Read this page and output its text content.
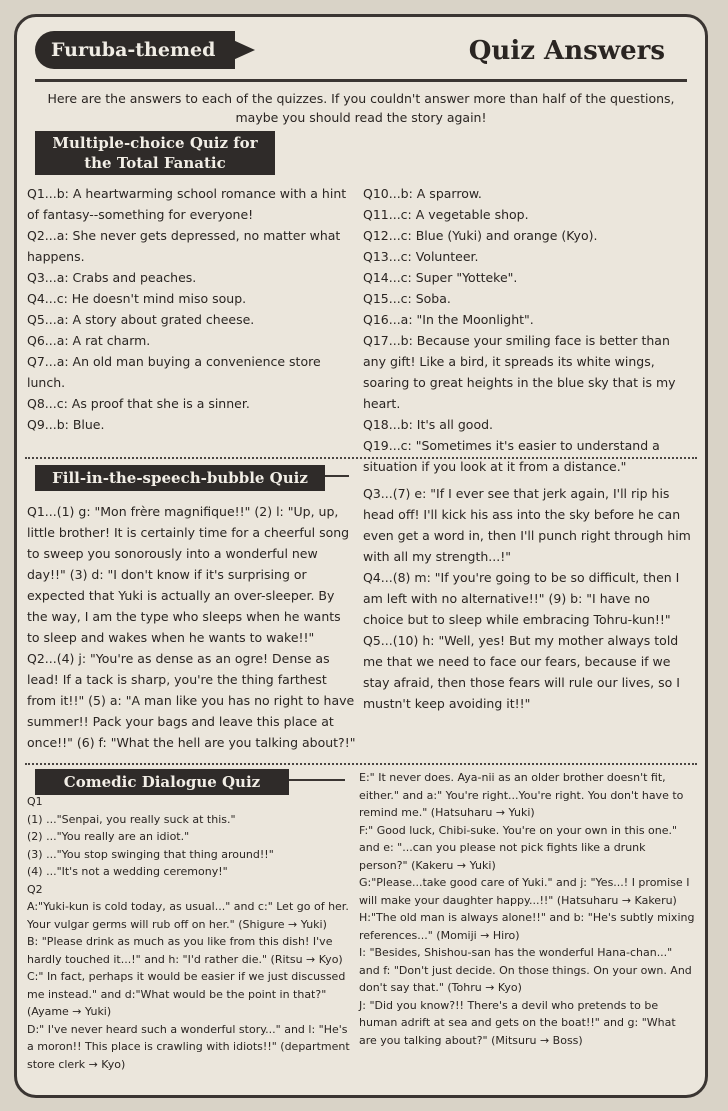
Furuba-themed	Quiz Answers
Here are the answers to each of the quizzes. If you couldn't answer more than half of the questions, maybe you should read the story again!
Multiple-choice Quiz for
the Total Fanatic

Q1...b: A heartwarming school romance with a hint of fantasy--something for everyone!

Q2...a: She never gets depressed, no matter what happens.

Q3...a: Crabs and peaches.

Q4...c: He doesn't mind miso soup.

Q5...a: A story about grated cheese.

Q6...a: A rat charm.

Q7...a: An old man buying a convenience store lunch.

Q8...c: As proof that she is a sinner.

Q9...b: Blue.

Q10...b: A sparrow.

Q11...c: A vegetable shop.

Q12...c: Blue (Yuki) and orange (Kyo).

Q13...c: Volunteer.

Q14...c: Super "Yotteke".

Q15...c: Soba.

Q16...a: "In the Moonlight".

Q17...b: Because your smiling face is better than any gift! Like a bird, it spreads its white wings, soaring to great heights in the blue sky that is my heart.

Q18...b: It's all good.

Q19...c: "Sometimes it's easier to understand a situation if you look at it from a distance."

Fill-in-the-speech-bubble Quiz

Q1...(1) g: "Mon frère magnifique!!" (2) l: "Up, up, little brother! It is certainly time for a cheerful song to sweep you sonorously into a wonderful new day!!" (3) d: "I don't know if it's surprising or expected that Yuki is actually an over-sleeper. By the way, I am the type who sleeps when he wants to sleep and wakes when he wants to wake!!"

Q2...(4) j: "You're as dense as an ogre! Dense as lead! If a tack is sharp, you're the thing farthest from it!!" (5) a: "A man like you has no right to have summer!! Pack your bags and leave this place at once!!" (6) f: "What the hell are you talking about?!"

Q3...(7) e: "If I ever see that jerk again, I'll rip his head off! I'll kick his ass into the sky before he can even get a word in, then I'll punch right through him with all my strength...!"

Q4...(8) m: "If you're going to be so difficult, then I am left with no alternative!!" (9) b: "I have no choice but to sleep while embracing Tohru-kun!!"

Q5...(10) h: "Well, yes! But my mother always told me that we need to face our fears, because if we stay afraid, then those fears will rule our lives, so I mustn't keep avoiding it!!"

Comedic Dialogue Quiz

Q1

(1) ..."Senpai, you really suck at this."

(2) ..."You really are an idiot."

(3) ..."You stop swinging that thing around!!"

(4) ..."It's not a wedding ceremony!"

Q2

A:"Yuki-kun is cold today, as usual..." and c:" Let go of her. Your vulgar germs will rub off on her." (Shigure → Yuki)

B: "Please drink as much as you like from this dish! I've hardly touched it...!" and h: "I'd rather die." (Ritsu → Kyo)

C:" In fact, perhaps it would be easier if we just discussed me instead." and d:"What would be the point in that?" (Ayame → Yuki)

D:" I've never heard such a wonderful story..." and l: "He's a moron!! This place is crawling with idiots!!" (department store clerk → Kyo)

E:" It never does. Aya-nii as an older brother doesn't fit, either." and a:" You're right...You're right. You don't have to remind me." (Hatsuharu → Yuki)

F:" Good luck, Chibi-suke. You're on your own in this one." and e: "...can you please not pick fights like a drunk person?" (Kakeru → Yuki)

G:"Please...take good care of Yuki." and j: "Yes...! I promise I will make your daughter happy...!!" (Hatsuharu → Kakeru)

H:"The old man is always alone!!" and b: "He's subtly mixing references..." (Momiji → Hiro)

I: "Besides, Shishou-san has the wonderful Hana-chan..." and f: "Don't just decide. On those things. On your own. And don't say that." (Tohru → Kyo)

J: "Did you know?!! There's a devil who pretends to be human adrift at sea and gets on the boat!!" and g: "What are you talking about?" (Mitsuru → Boss)
